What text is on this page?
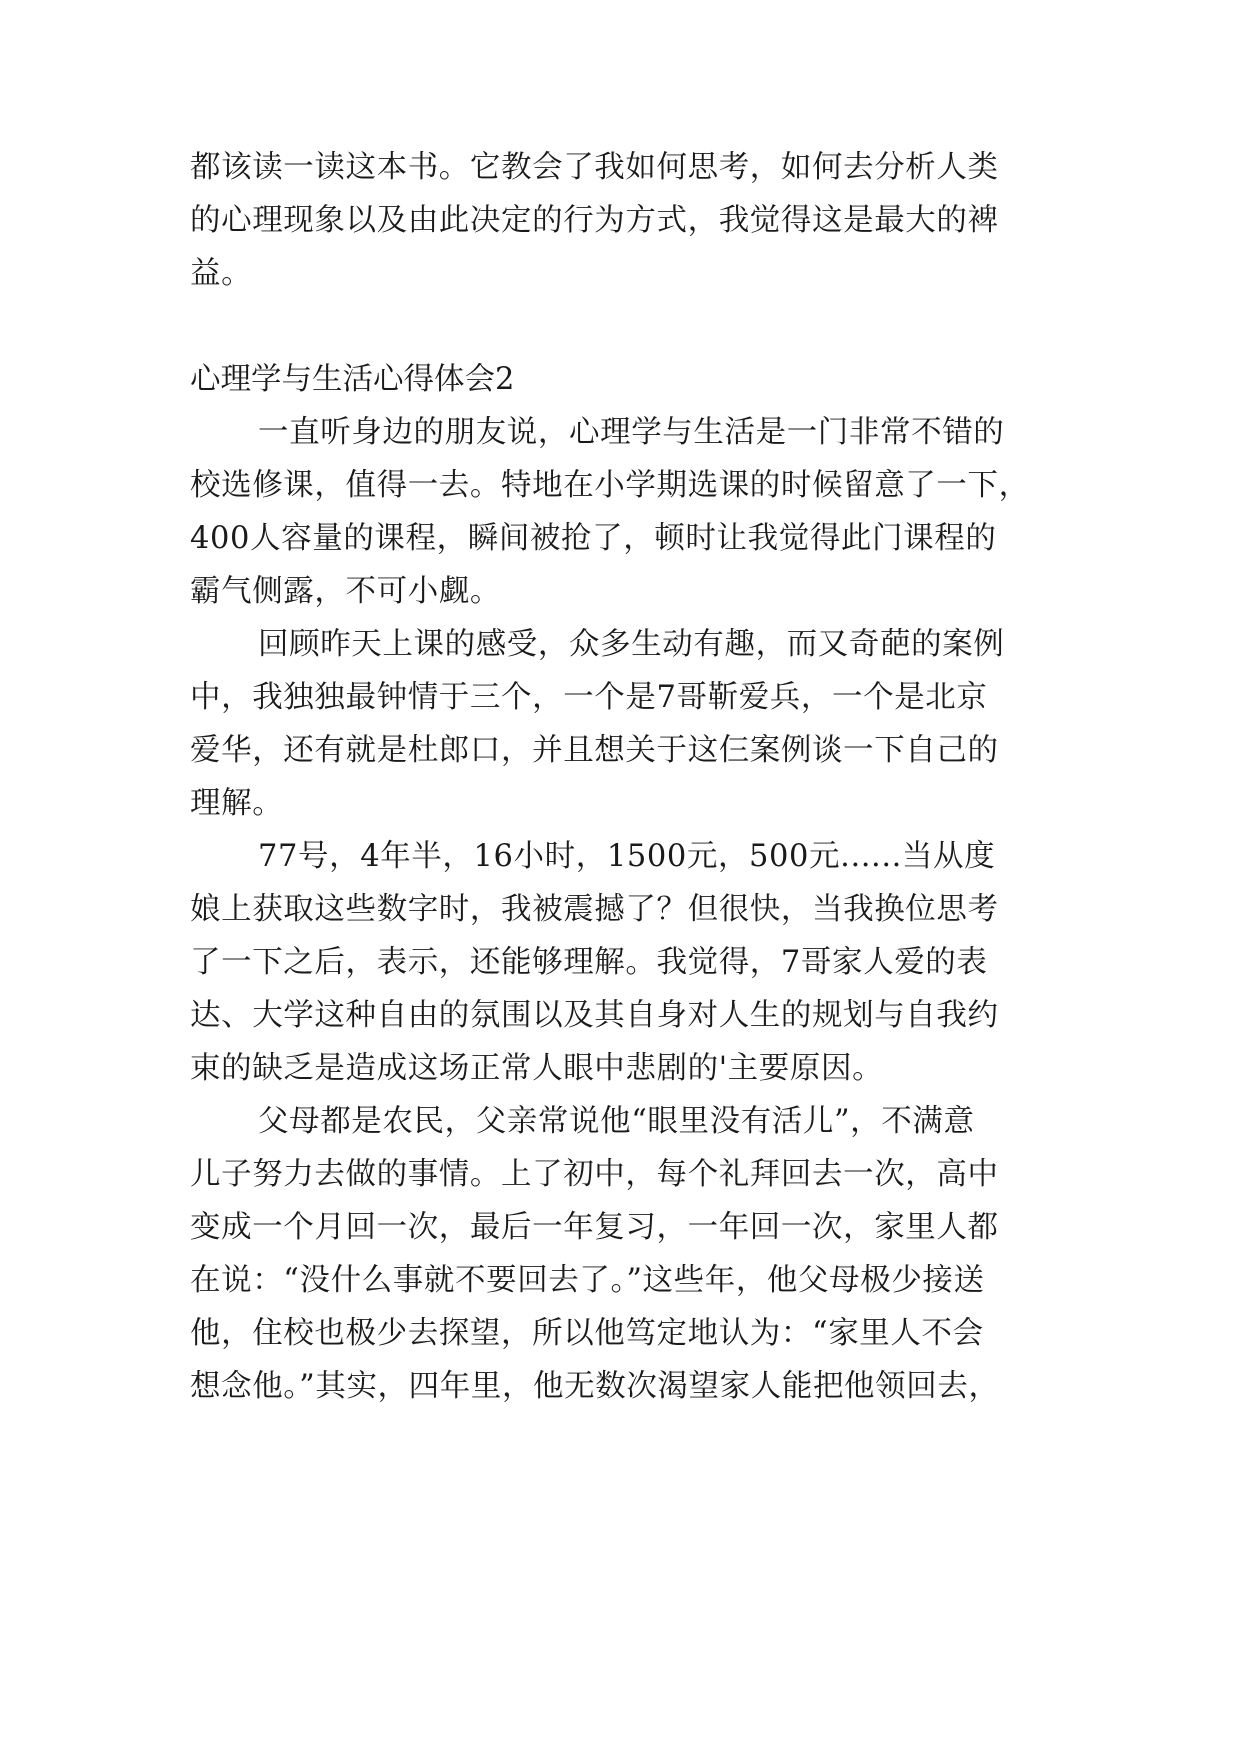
都该读一读这本书。它教会了我如何思考，如何去分析人类
的心理现象以及由此决定的行为方式，我觉得这是最大的裨
益。
心理学与生活心得体会2
一直听身边的朋友说，心理学与生活是一门非常不错的
校选修课，值得一去。特地在小学期选课的时候留意了一下，
400人容量的课程，瞬间被抢了，顿时让我觉得此门课程的
霸气侧露，不可小觑。
回顾昨天上课的感受，众多生动有趣，而又奇葩的案例
中，我独独最钟情于三个，一个是7哥靳爱兵，一个是北京
爱华，还有就是杜郎口，并且想关于这仨案例谈一下自己的
理解。
77号，4年半，16小时，1500元，500元......当从度
娘上获取这些数字时，我被震撼了？但很快，当我换位思考
了一下之后，表示，还能够理解。我觉得，7哥家人爱的表
达、大学这种自由的氛围以及其自身对人生的规划与自我约
束的缺乏是造成这场正常人眼中悲剧的'主要原因。
父母都是农民，父亲常说他“眼里没有活儿”，不满意
儿子努力去做的事情。上了初中，每个礼拜回去一次，高中
变成一个月回一次，最后一年复习，一年回一次，家里人都
在说：“没什么事就不要回去了。”这些年，他父母极少接送
他，住校也极少去探望，所以他笃定地认为：“家里人不会
想念他。”其实，四年里，他无数次渴望家人能把他领回去，
